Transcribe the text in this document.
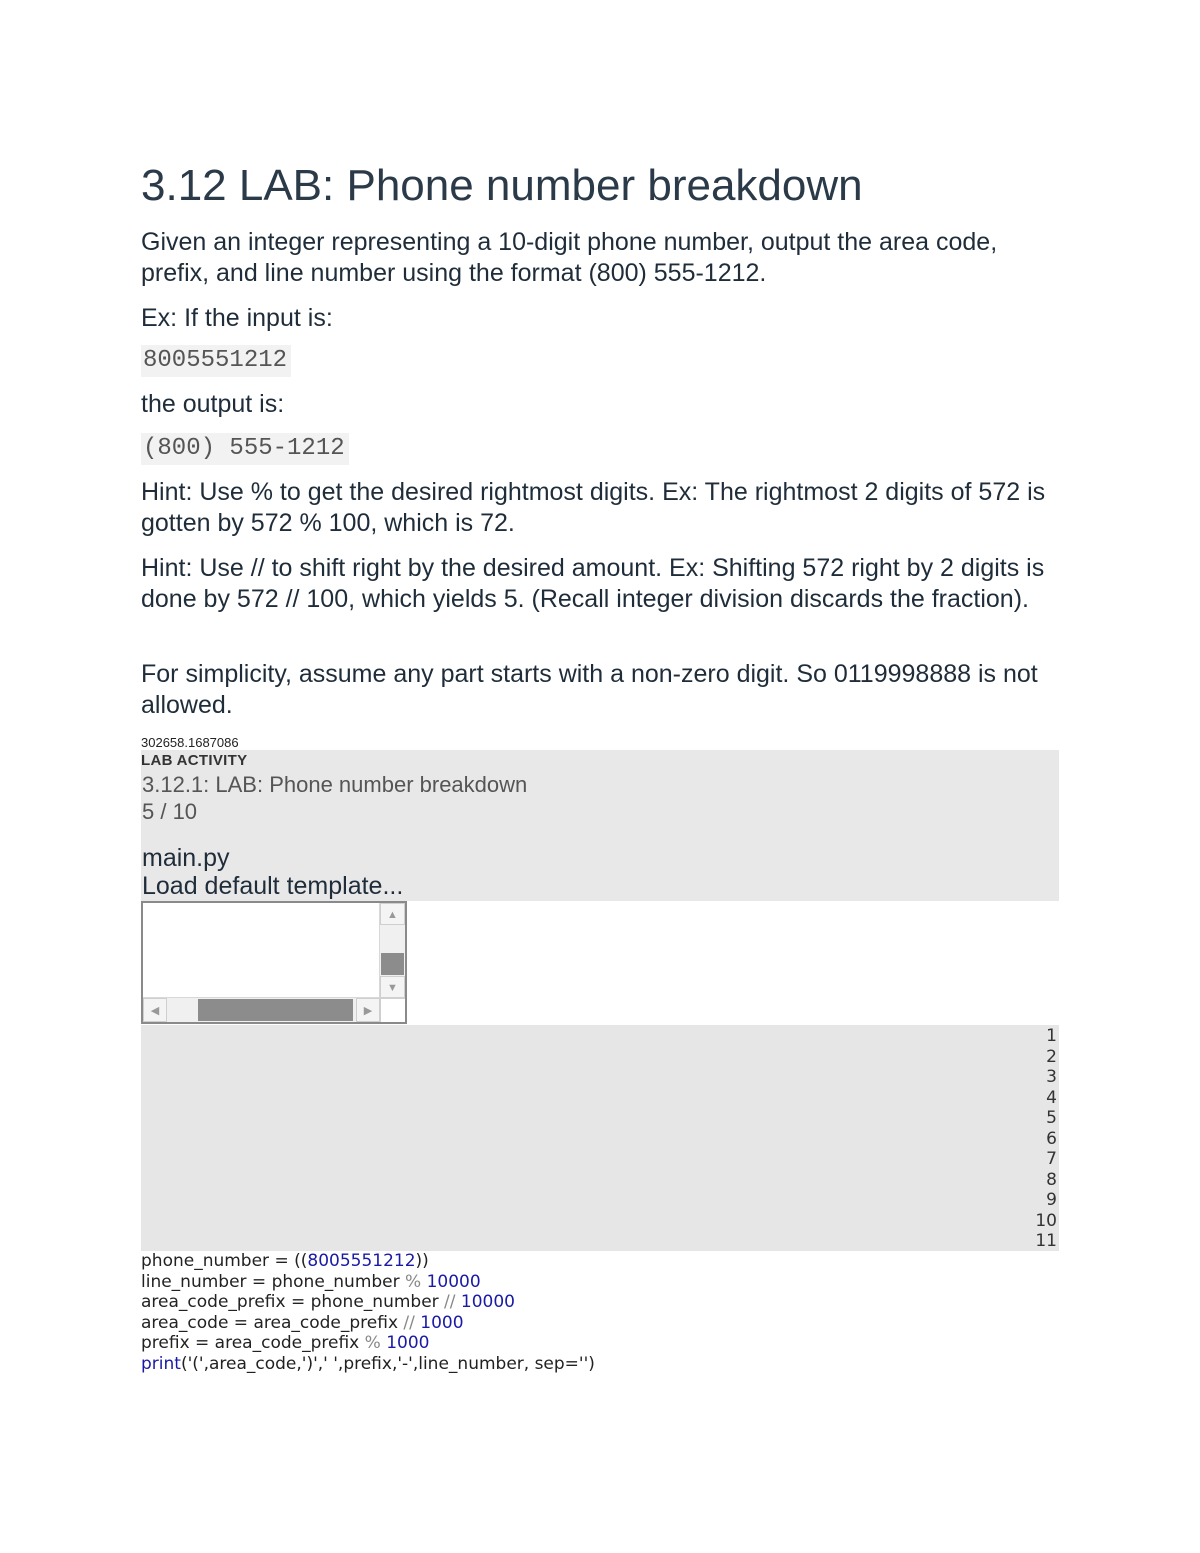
3.12 LAB: Phone number breakdown

Given an integer representing a 10-digit phone number, output the area code, prefix, and line number using the format (800) 555-1212.

Ex: If the input is:

8005551212

the output is:

(800) 555-1212

Hint: Use % to get the desired rightmost digits. Ex: The rightmost 2 digits of 572 is gotten by 572 % 100, which is 72.

Hint: Use // to shift right by the desired amount. Ex: Shifting 572 right by 2 digits is done by 572 // 100, which yields 5. (Recall integer division discards the fraction).

For simplicity, assume any part starts with a non-zero digit. So 0119998888 is not allowed.

302658.1687086
LAB ACTIVITY
3.12.1: LAB: Phone number breakdown
5 / 10
main.py
Load default template...
▲
▼
◀	▶
1
2
3
4
5
6
7
8
9
10
11
phone_number = ((8005551212))
line_number = phone_number % 10000
area_code_prefix = phone_number // 10000
area_code = area_code_prefix // 1000
prefix = area_code_prefix % 1000
print('(',area_code,')',' ',prefix,'-',line_number, sep='')
